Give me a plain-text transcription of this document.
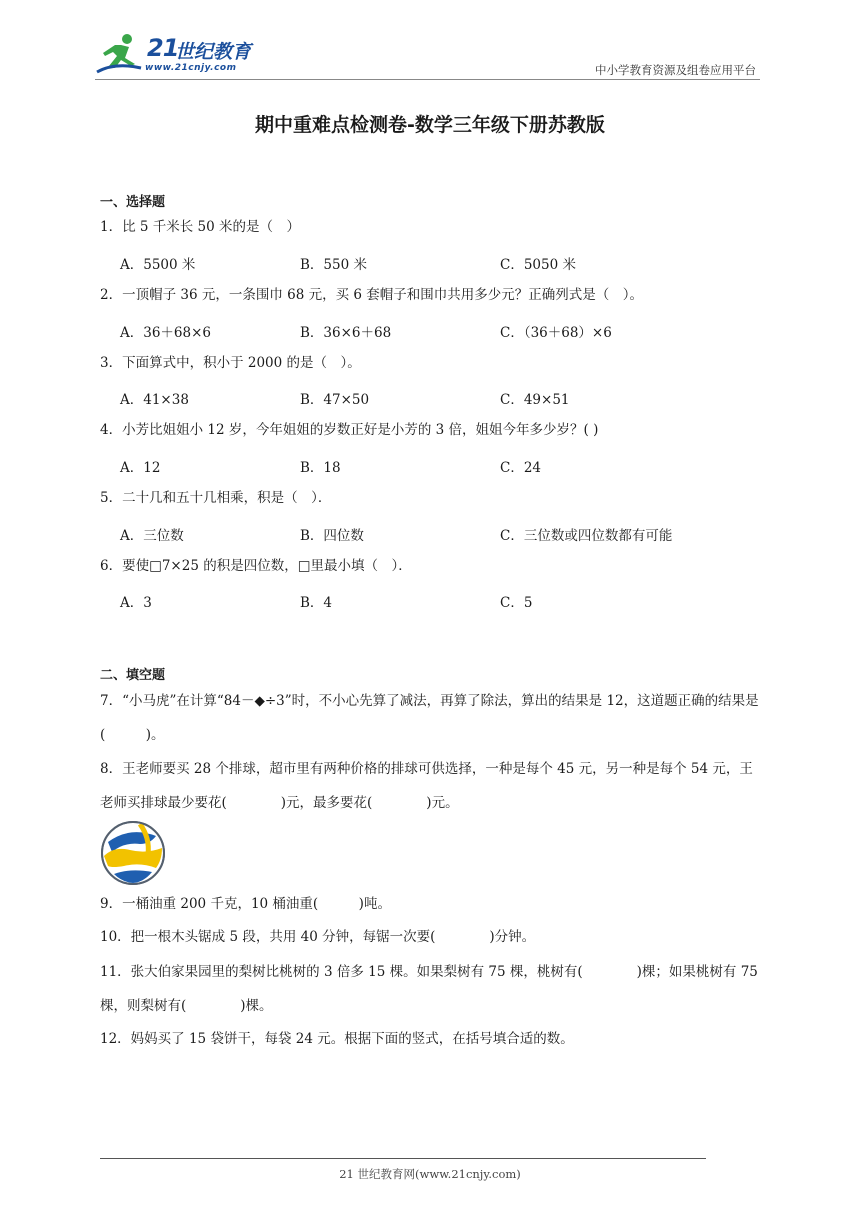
21
世纪教育
www.21cnjy.com	中小学教育资源及组卷应用平台
期中重难点检测卷-数学三年级下册苏教版
一、选择题
1．比 5 千米长 50 米的是（　）
A．5500 米	B．550 米	C．5050 米
2．一顶帽子 36 元，一条围巾 68 元，买 6 套帽子和围巾共用多少元？正确列式是（　）。
A．36＋68×6	B．36×6＋68	C．（36＋68）×6
3．下面算式中，积小于 2000 的是（　）。
A．41×38	B．47×50	C．49×51
4．小芳比姐姐小 12 岁，今年姐姐的岁数正好是小芳的 3 倍，姐姐今年多少岁？( )
A．12	B．18	C．24
5．二十几和五十几相乘，积是（　）．
A．三位数	B．四位数	C．三位数或四位数都有可能
6．要使□7×25 的积是四位数，□里最小填（　）．
A．3	B．4	C．5
二、填空题
7．“小马虎”在计算“84－◆÷3”时，不小心先算了减法，再算了除法，算出的结果是 12，这道题正确的结果是(　　　)。
8．王老师要买 28 个排球，超市里有两种价格的排球可供选择，一种是每个 45 元，另一种是每个 54 元，王老师买排球最少要花(　　　　)元，最多要花(　　　　)元。
9．一桶油重 200 千克，10 桶油重(　　　)吨。
10．把一根木头锯成 5 段，共用 40 分钟，每锯一次要(　　　　)分钟。
11．张大伯家果园里的梨树比桃树的 3 倍多 15 棵。如果梨树有 75 棵，桃树有(　　　　)棵；如果桃树有 75 棵，则梨树有(　　　　)棵。
12．妈妈买了 15 袋饼干，每袋 24 元。根据下面的竖式，在括号填合适的数。
21 世纪教育网(www.21cnjy.com)
